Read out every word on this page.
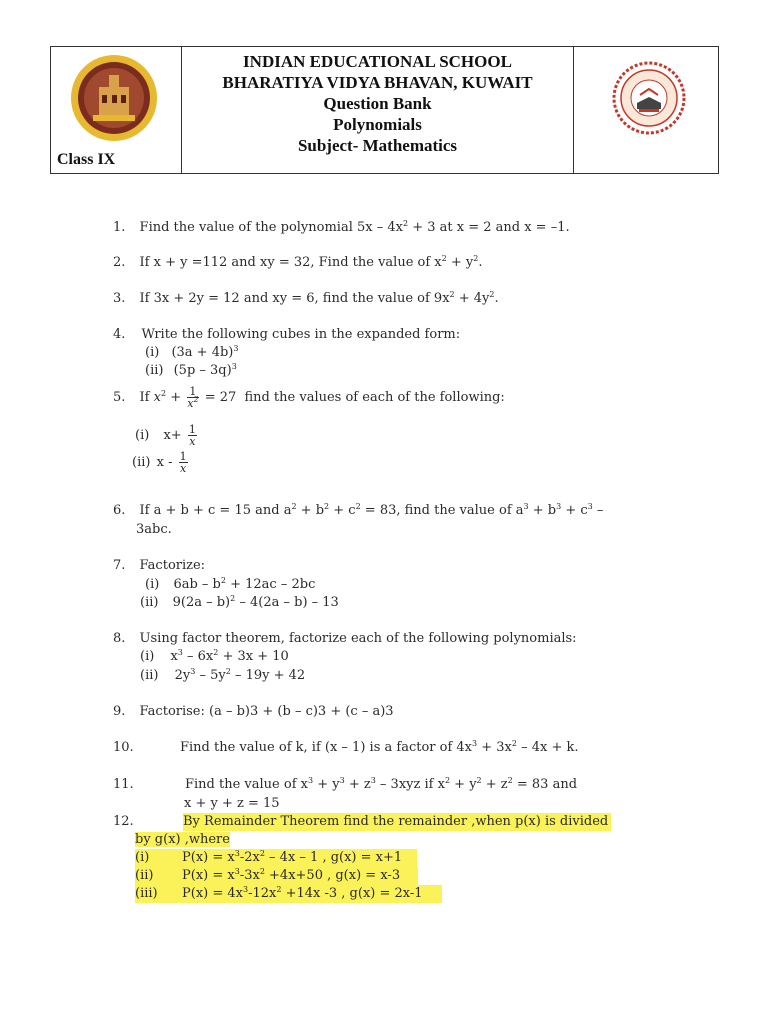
Class IX
INDIAN EDUCATIONAL SCHOOL
BHARATIYA VIDYA BHAVAN, KUWAIT
Question Bank
Polynomials
Subject- Mathematics
1. Find the value of the polynomial $5x - 4x^2 + 3$ at x = 2 and x = –1.
2. If x + y =112 and xy = 32, Find the value of $x^2 + y^2$.
3. If 3x + 2y = 12 and xy = 6, find the value of $9x^2 + 4y^2$.
4. Write the following cubes in the expanded form:
(i) $(3a + 4b)^3$
(ii) (5p – 3q)$^3$
5. If $x^2 + \frac{1}{x^2} = 27$ find the values of each of the following:
(i) $x+ \frac{1}{x}$
(ii) x - $\frac{1}{x}$
6. If a + b + c = 15 and $a^2 + b^2 + c^2 = 83$, find the value of $a^3 + b^3 + c^3$ –
3abc.
7. Factorize:
(i) $6ab - b^2 + 12ac - 2bc$
(ii) 9(2a – b)$^2$ – 4(2a – b) – 13
8. Using factor theorem, factorize each of the following polynomials:
(i) $x^3 - 6x^2 + 3x + 10$
(ii) $2y^3 - 5y^2 - 19y + 42$
9. Factorise: (a – b)3 + (b – c)3 + (c – a)3
10.	Find the value of k, if (x – 1) is a factor of $4x^3 + 3x^2 - 4x + k$.
11.	Find the value of $x^3 + y^3 + z^3 - 3xyz$ if $x^2 + y^2 + z^2 = 83$ and
x + y + z = 15
12.	By Remainder Theorem find the remainder ,when p(x) is divided
by g(x) ,where
(i)	$P(x) = x^3-2x^2 - 4x - 1$ , g(x) = x+1
(ii) $P(x) = x^3-3x^2 +4x+50$ , g(x) = x-3
(iii) $P(x) = 4x^3-12x^2 +14x$ -3 , g(x) = 2x-1
